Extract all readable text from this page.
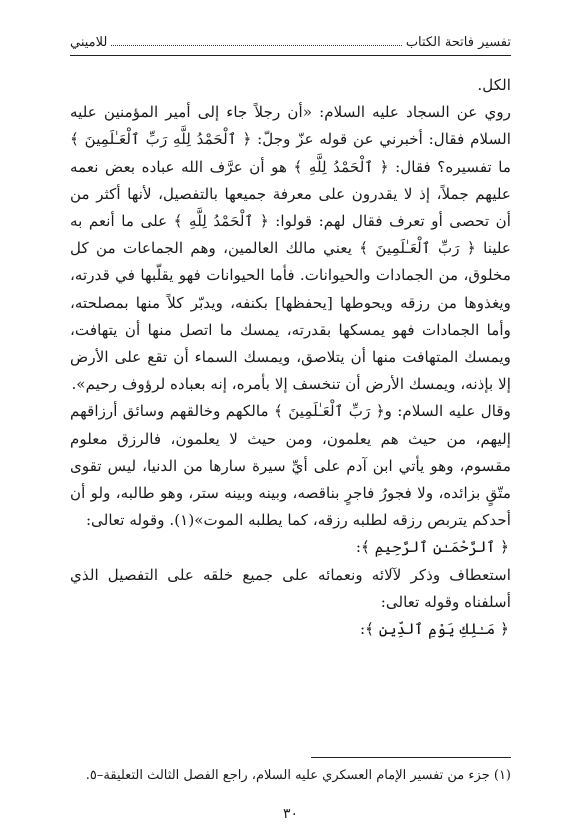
تفسير فاتحة الكتاب
للاميني

الكل.

روي عن السجاد عليه السلام: «أن رجلاً جاء إلى أمير المؤمنين عليه السلام فقال: أخبرني عن قوله عزّ وجلّ: ﴿ ٱلْحَمْدُ لِلَّهِ رَبِّ ٱلْعَـٰلَمِينَ ﴾ ما تفسيره؟ فقال: ﴿ ٱلْحَمْدُ لِلَّهِ ﴾ هو أن عرَّف الله عباده بعض نعمه عليهم جملاً، إذ لا يقدرون على معرفة جميعها بالتفصيل، لأنها أكثر من أن تحصى أو تعرف فقال لهم: قولوا: ﴿ ٱلْحَمْدُ لِلَّهِ ﴾ على ما أنعم به علينا ﴿ رَبِّ ٱلْعَـٰلَمِينَ ﴾ يعني مالك العالمين، وهم الجماعات من كل مخلوق، من الجمادات والحيوانات. فأما الحيوانات فهو يقلّبها في قدرته، ويغذوها من رزقه ويحوطها [يحفظها] بكنفه، ويدبّر كلاً منها بمصلحته، وأما الجمادات فهو يمسكها بقدرته، يمسك ما اتصل منها أن يتهافت، ويمسك المتهافت منها أن يتلاصق، ويمسك السماء أن تقع على الأرض إلا بإذنه، ويمسك الأرض أن تنخسف إلا بأمره، إنه بعباده لرؤوف رحيم».

وقال عليه السلام: و﴿ رَبِّ ٱلْعَـٰلَمِينَ ﴾ مالكهم وخالقهم وسائق أرزاقهم إليهم، من حيث هم يعلمون، ومن حيث لا يعلمون، فالرزق معلوم مقسوم، وهو يأتي ابن آدم على أيِّ سيرة سارها من الدنيا، ليس تقوى متّقٍ بزائده، ولا فجورُ فاجرٍ بناقصه، وبينه وبينه ستر، وهو طالبه، ولو أن أحدكم يتربص رزقه لطلبه رزقه، كما يطلبه الموت»(١). وقوله تعالى:

﴿ ٱلرَّحْمَـٰنِ ٱلرَّحِيمِ ﴾:

استعطاف وذكر لآلائه ونعمائه على جميع خلقه على التفصيل الذي أسلفناه وقوله تعالى:

﴿ مَـٰلِكِ يَوْمِ ٱلدِّينِ ﴾:

(١) جزء من تفسير الإمام العسكري عليه السلام، راجع الفصل الثالث التعليقة–٥.
٣٠
